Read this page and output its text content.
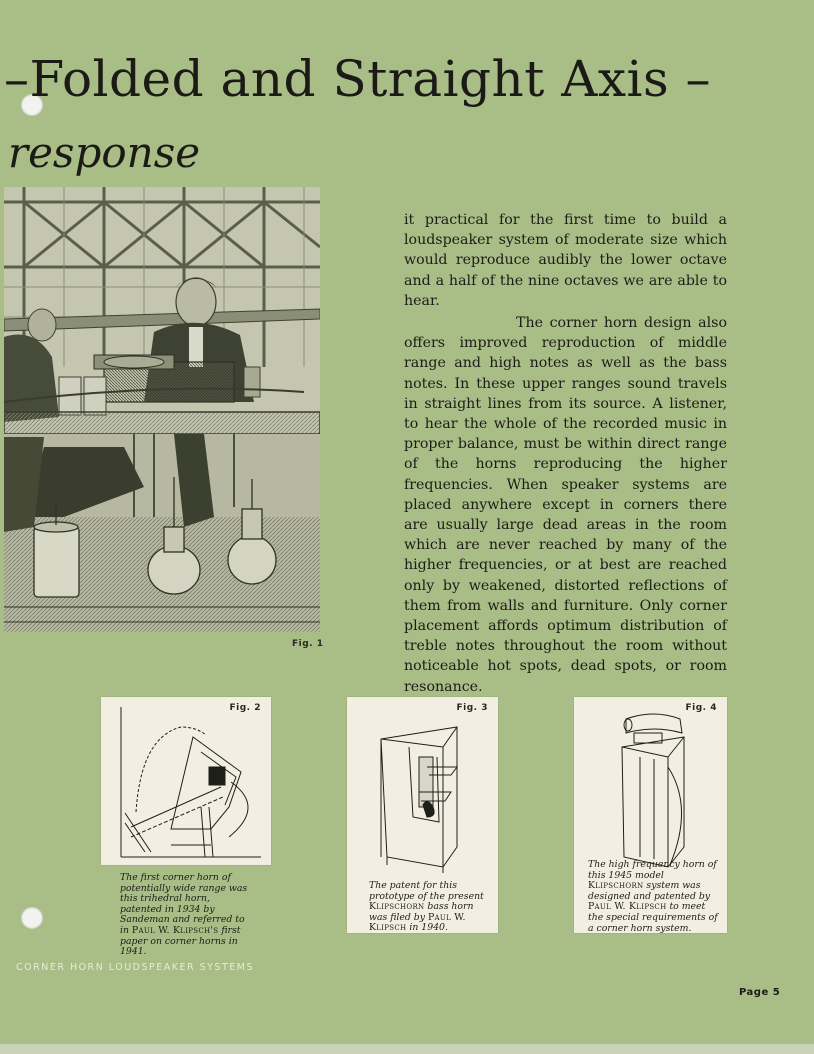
–Folded and Straight Axis –
response
Fig. 1

it practical for the first time to build a loudspeaker system of moderate size which would reproduce audibly the lower octave and a half of the nine octaves we are able to hear.

The corner horn design also offers improved reproduction of middle range and high notes as well as the bass notes. In these upper ranges sound travels in straight lines from its source. A listener, to hear the whole of the recorded music in proper balance, must be within direct range of the horns reproducing the higher frequencies. When speaker systems are placed anywhere except in corners there are usually large dead areas in the room which are never reached by many of the higher frequencies, or at best are reached only by weakened, distorted reflections of them from walls and furniture. Only corner placement affords optimum distribution of treble notes throughout the room without noticeable hot spots, dead spots, or room resonance.

Fig. 2
The first corner horn of potentially wide range was this trihedral horn, patented in 1934 by Sandeman and referred to in Paul W. Klipsch's first paper on corner horns in 1941.
Fig. 3
The patent for this prototype of the present Klipschorn bass horn was filed by Paul W. Klipsch in 1940.
Fig. 4
The high frequency horn of this 1945 model Klipschorn system was designed and patented by Paul W. Klipsch to meet the special requirements of a corner horn system.
CORNER HORN LOUDSPEAKER SYSTEMS
Page 5
